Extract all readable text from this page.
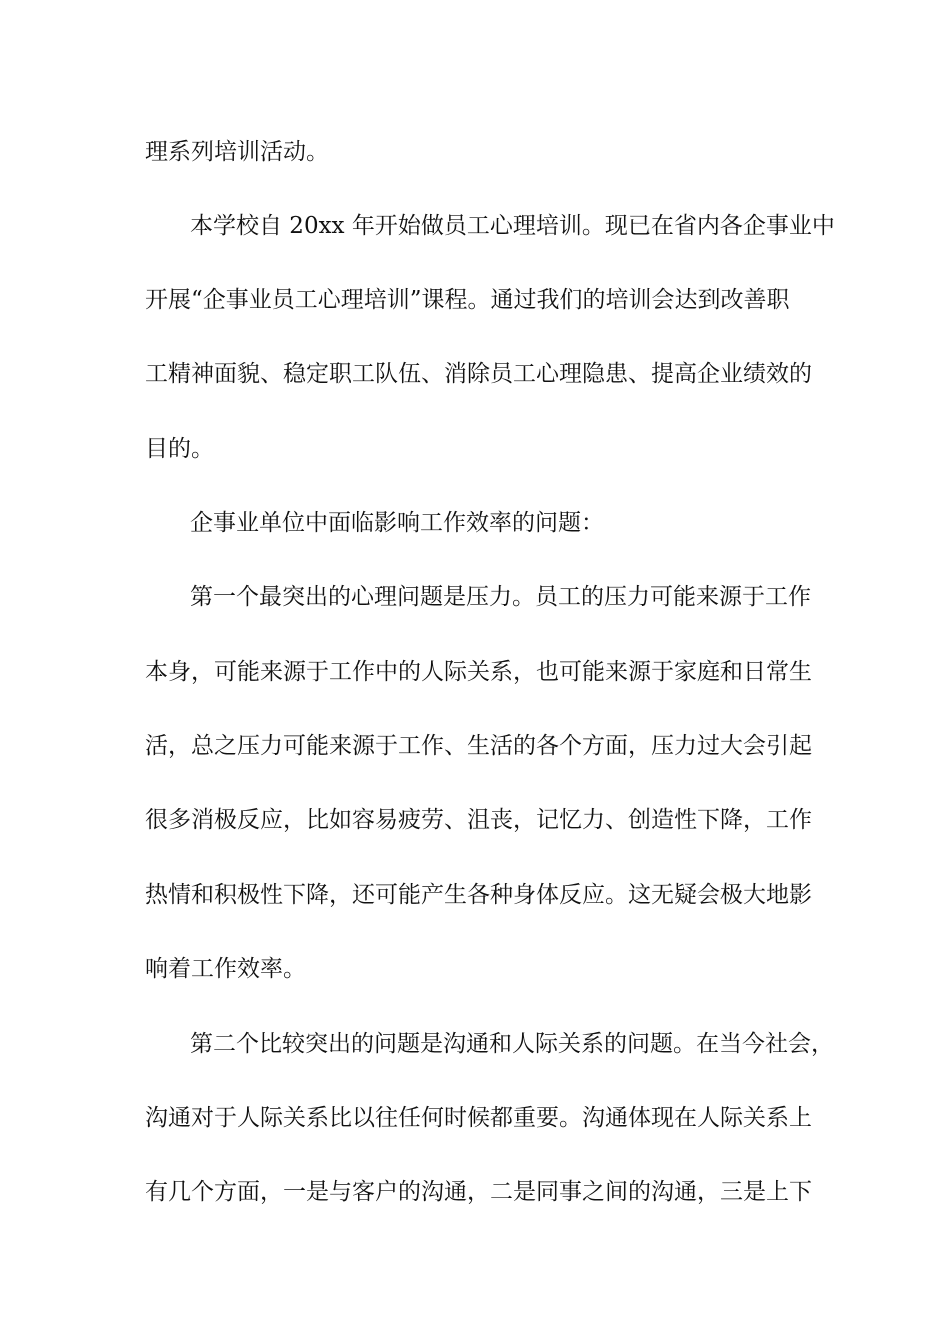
理系列培训活动。
本学校自 20xx 年开始做员工心理培训。现已在省内各企事业中
开展“企事业员工心理培训”课程。通过我们的培训会达到改善职
工精神面貌、稳定职工队伍、消除员工心理隐患、提高企业绩效的
目的。
企事业单位中面临影响工作效率的问题：
第一个最突出的心理问题是压力。员工的压力可能来源于工作
本身，可能来源于工作中的人际关系，也可能来源于家庭和日常生
活，总之压力可能来源于工作、生活的各个方面，压力过大会引起
很多消极反应，比如容易疲劳、沮丧，记忆力、创造性下降，工作
热情和积极性下降，还可能产生各种身体反应。这无疑会极大地影
响着工作效率。
第二个比较突出的问题是沟通和人际关系的问题。在当今社会，
沟通对于人际关系比以往任何时候都重要。沟通体现在人际关系上
有几个方面，一是与客户的沟通，二是同事之间的沟通，三是上下
